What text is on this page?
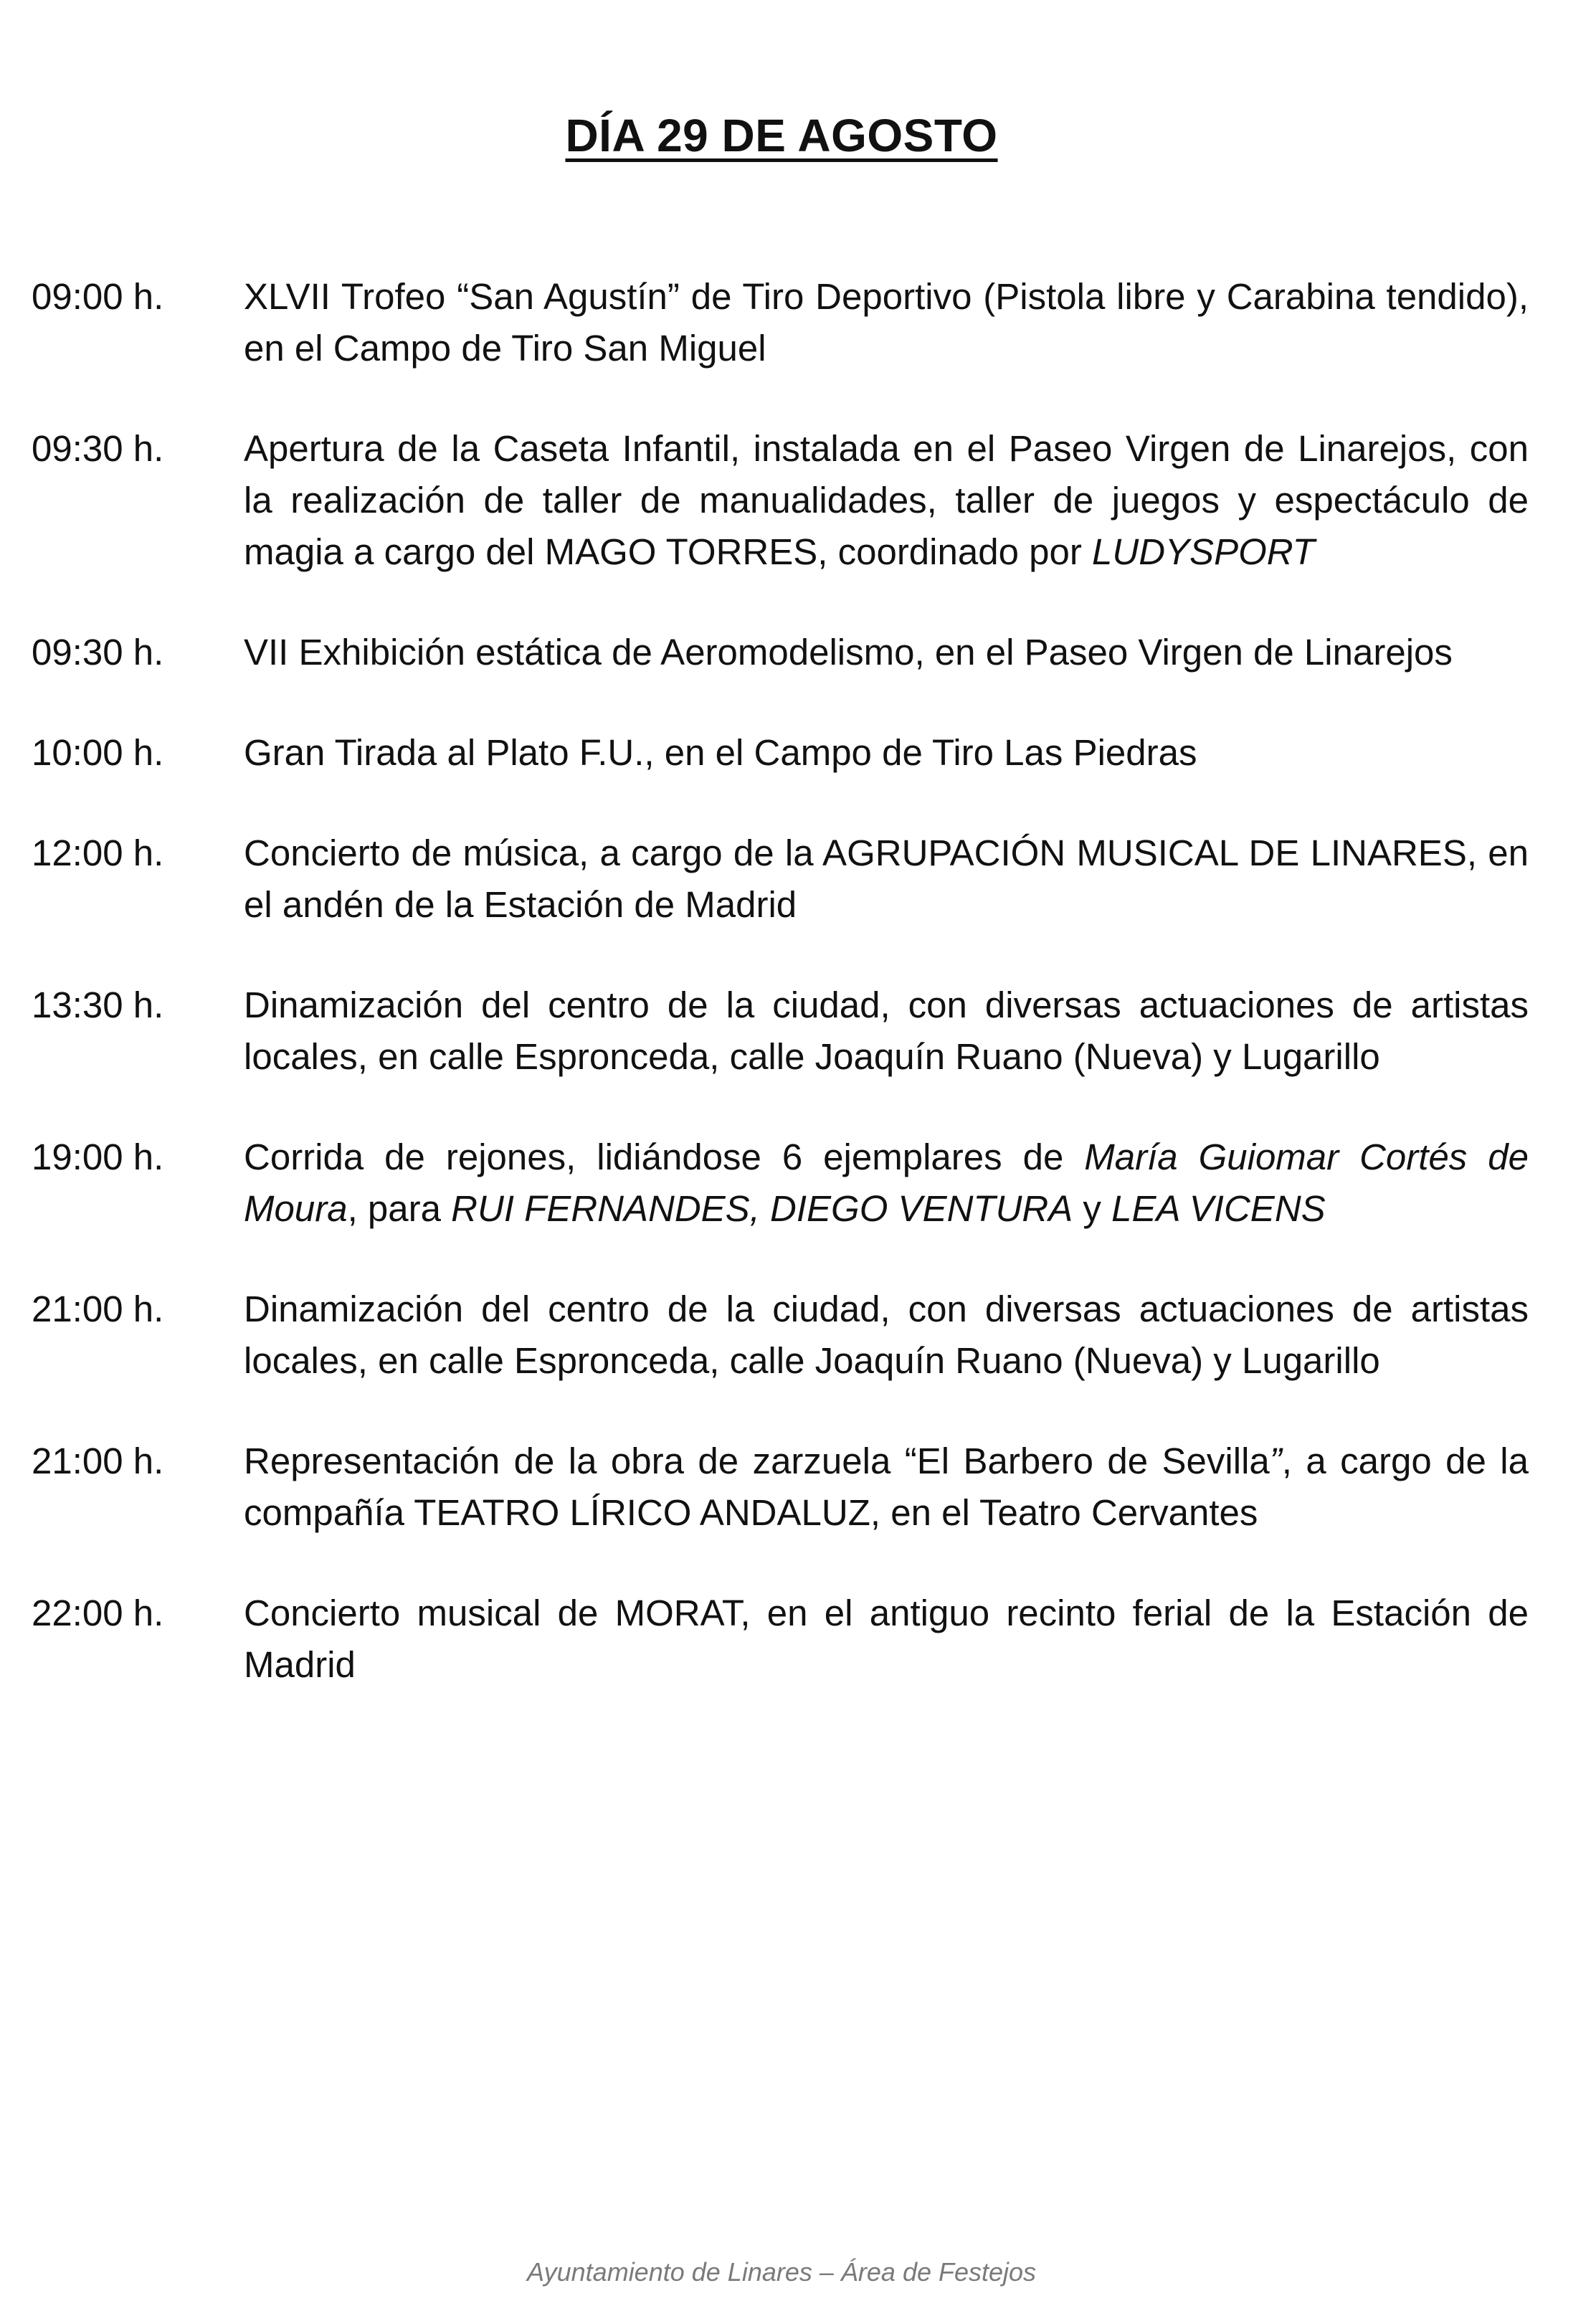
DÍA 29 DE AGOSTO
09:00 h.	XLVII Trofeo “San Agustín” de Tiro Deportivo (Pistola libre y Carabina tendido), en el Campo de Tiro San Miguel
09:30 h.	Apertura de la Caseta Infantil, instalada en el Paseo Virgen de Linarejos, con la realización de taller de manualidades, taller de juegos y espectáculo de magia a cargo del MAGO TORRES, coordinado por LUDYSPORT
09:30 h.	VII Exhibición estática de Aeromodelismo, en el Paseo Virgen de Linarejos
10:00 h.	Gran Tirada al Plato F.U., en el Campo de Tiro Las Piedras
12:00 h.	Concierto de música, a cargo de la AGRUPACIÓN MUSICAL DE LINARES, en el andén de la Estación de Madrid
13:30 h.	Dinamización del centro de la ciudad, con diversas actuaciones de artistas locales, en calle Espronceda, calle Joaquín Ruano (Nueva) y Lugarillo
19:00 h.	Corrida de rejones, lidiándose 6 ejemplares de María Guiomar Cortés de Moura, para RUI FERNANDES, DIEGO VENTURA y LEA VICENS
21:00 h.	Dinamización del centro de la ciudad, con diversas actuaciones de artistas locales, en calle Espronceda, calle Joaquín Ruano (Nueva) y Lugarillo
21:00 h.	Representación de la obra de zarzuela “El Barbero de Sevilla”, a cargo de la compañía TEATRO LÍRICO ANDALUZ, en el Teatro Cervantes
22:00 h.	Concierto musical de MORAT, en el antiguo recinto ferial de la Estación de Madrid
Ayuntamiento de Linares – Área de Festejos
